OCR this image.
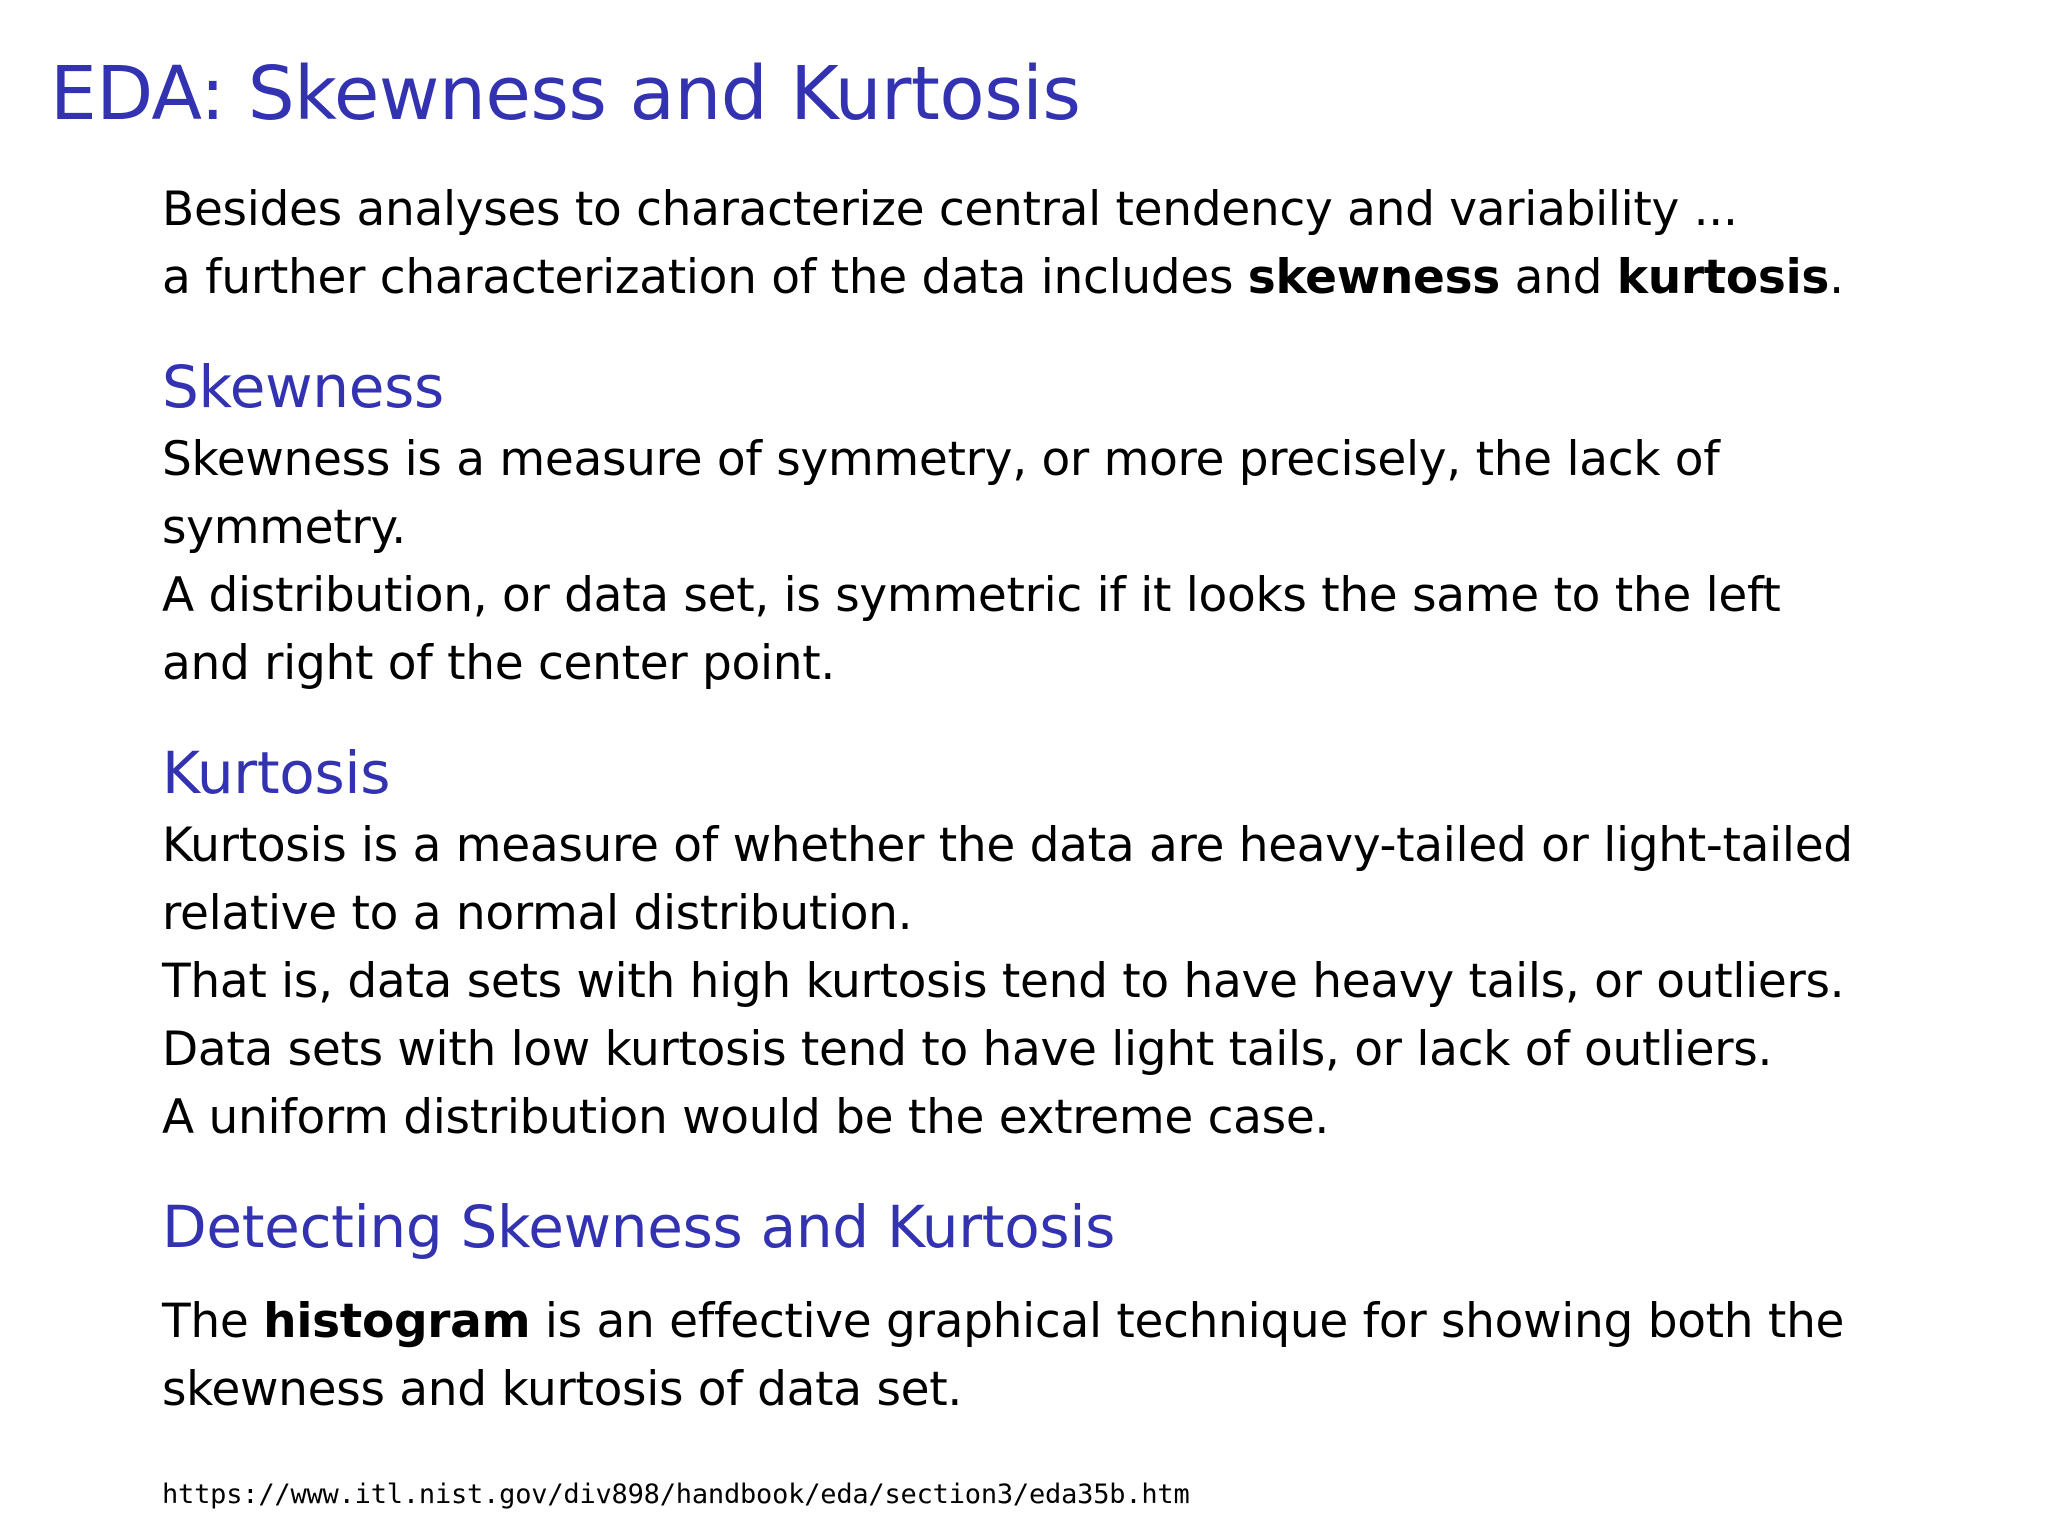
EDA: Skewness and Kurtosis

Besides analyses to characterize central tendency and variability ...

a further characterization of the data includes skewness and kurtosis.

Skewness

Skewness is a measure of symmetry, or more precisely, the lack of

symmetry.

A distribution, or data set, is symmetric if it looks the same to the left

and right of the center point.

Kurtosis

Kurtosis is a measure of whether the data are heavy-tailed or light-tailed

relative to a normal distribution.

That is, data sets with high kurtosis tend to have heavy tails, or outliers.

Data sets with low kurtosis tend to have light tails, or lack of outliers.

A uniform distribution would be the extreme case.

Detecting Skewness and Kurtosis

The histogram is an effective graphical technique for showing both the

skewness and kurtosis of data set.

https://www.itl.nist.gov/div898/handbook/eda/section3/eda35b.htm
